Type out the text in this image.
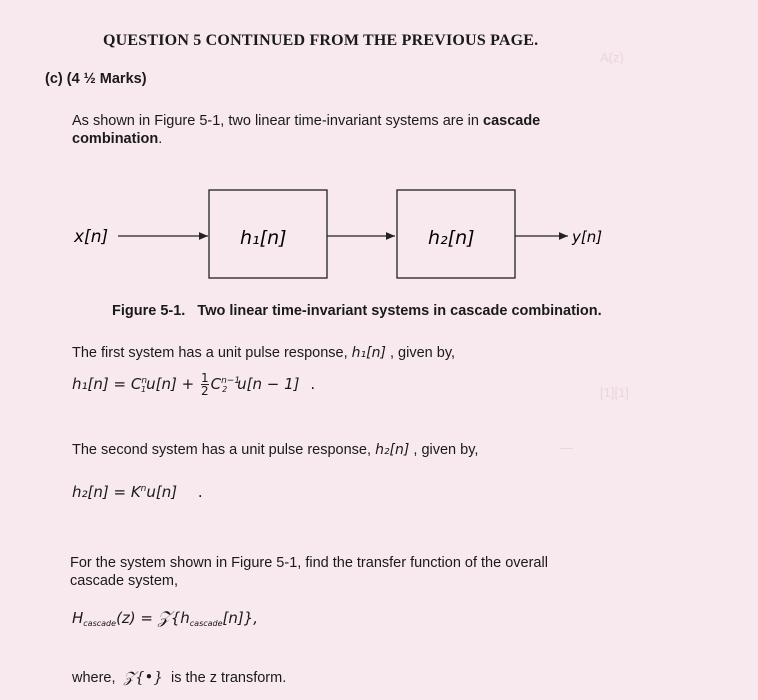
A(z)
[1][1]
—
QUESTION 5 CONTINUED FROM THE PREVIOUS PAGE.
(c) (4 ½ Marks)
As shown in Figure 5-1, two linear time-invariant systems are in cascade combination.
x[n]	h₁[n]	h₂[n]	y[n]
Figure 5-1. Two linear time-invariant systems in cascade combination.
The first system has a unit pulse response, h₁[n] , given by,
$h_1[n] = C^n_1u[n] + \frac{1}{2} C^{n-1}_2$ u[n − 1] .
The second system has a unit pulse response, h₂[n] , given by,
$h_2[n] = K^nu[n]$ .
For the system shown in Figure 5-1, find the transfer function of the overall
cascade system,
$H_{cascade}(z)$ = $𝒵\{h_{cascade}[n]\}$,
where, 𝒵{•} is the z transform.
